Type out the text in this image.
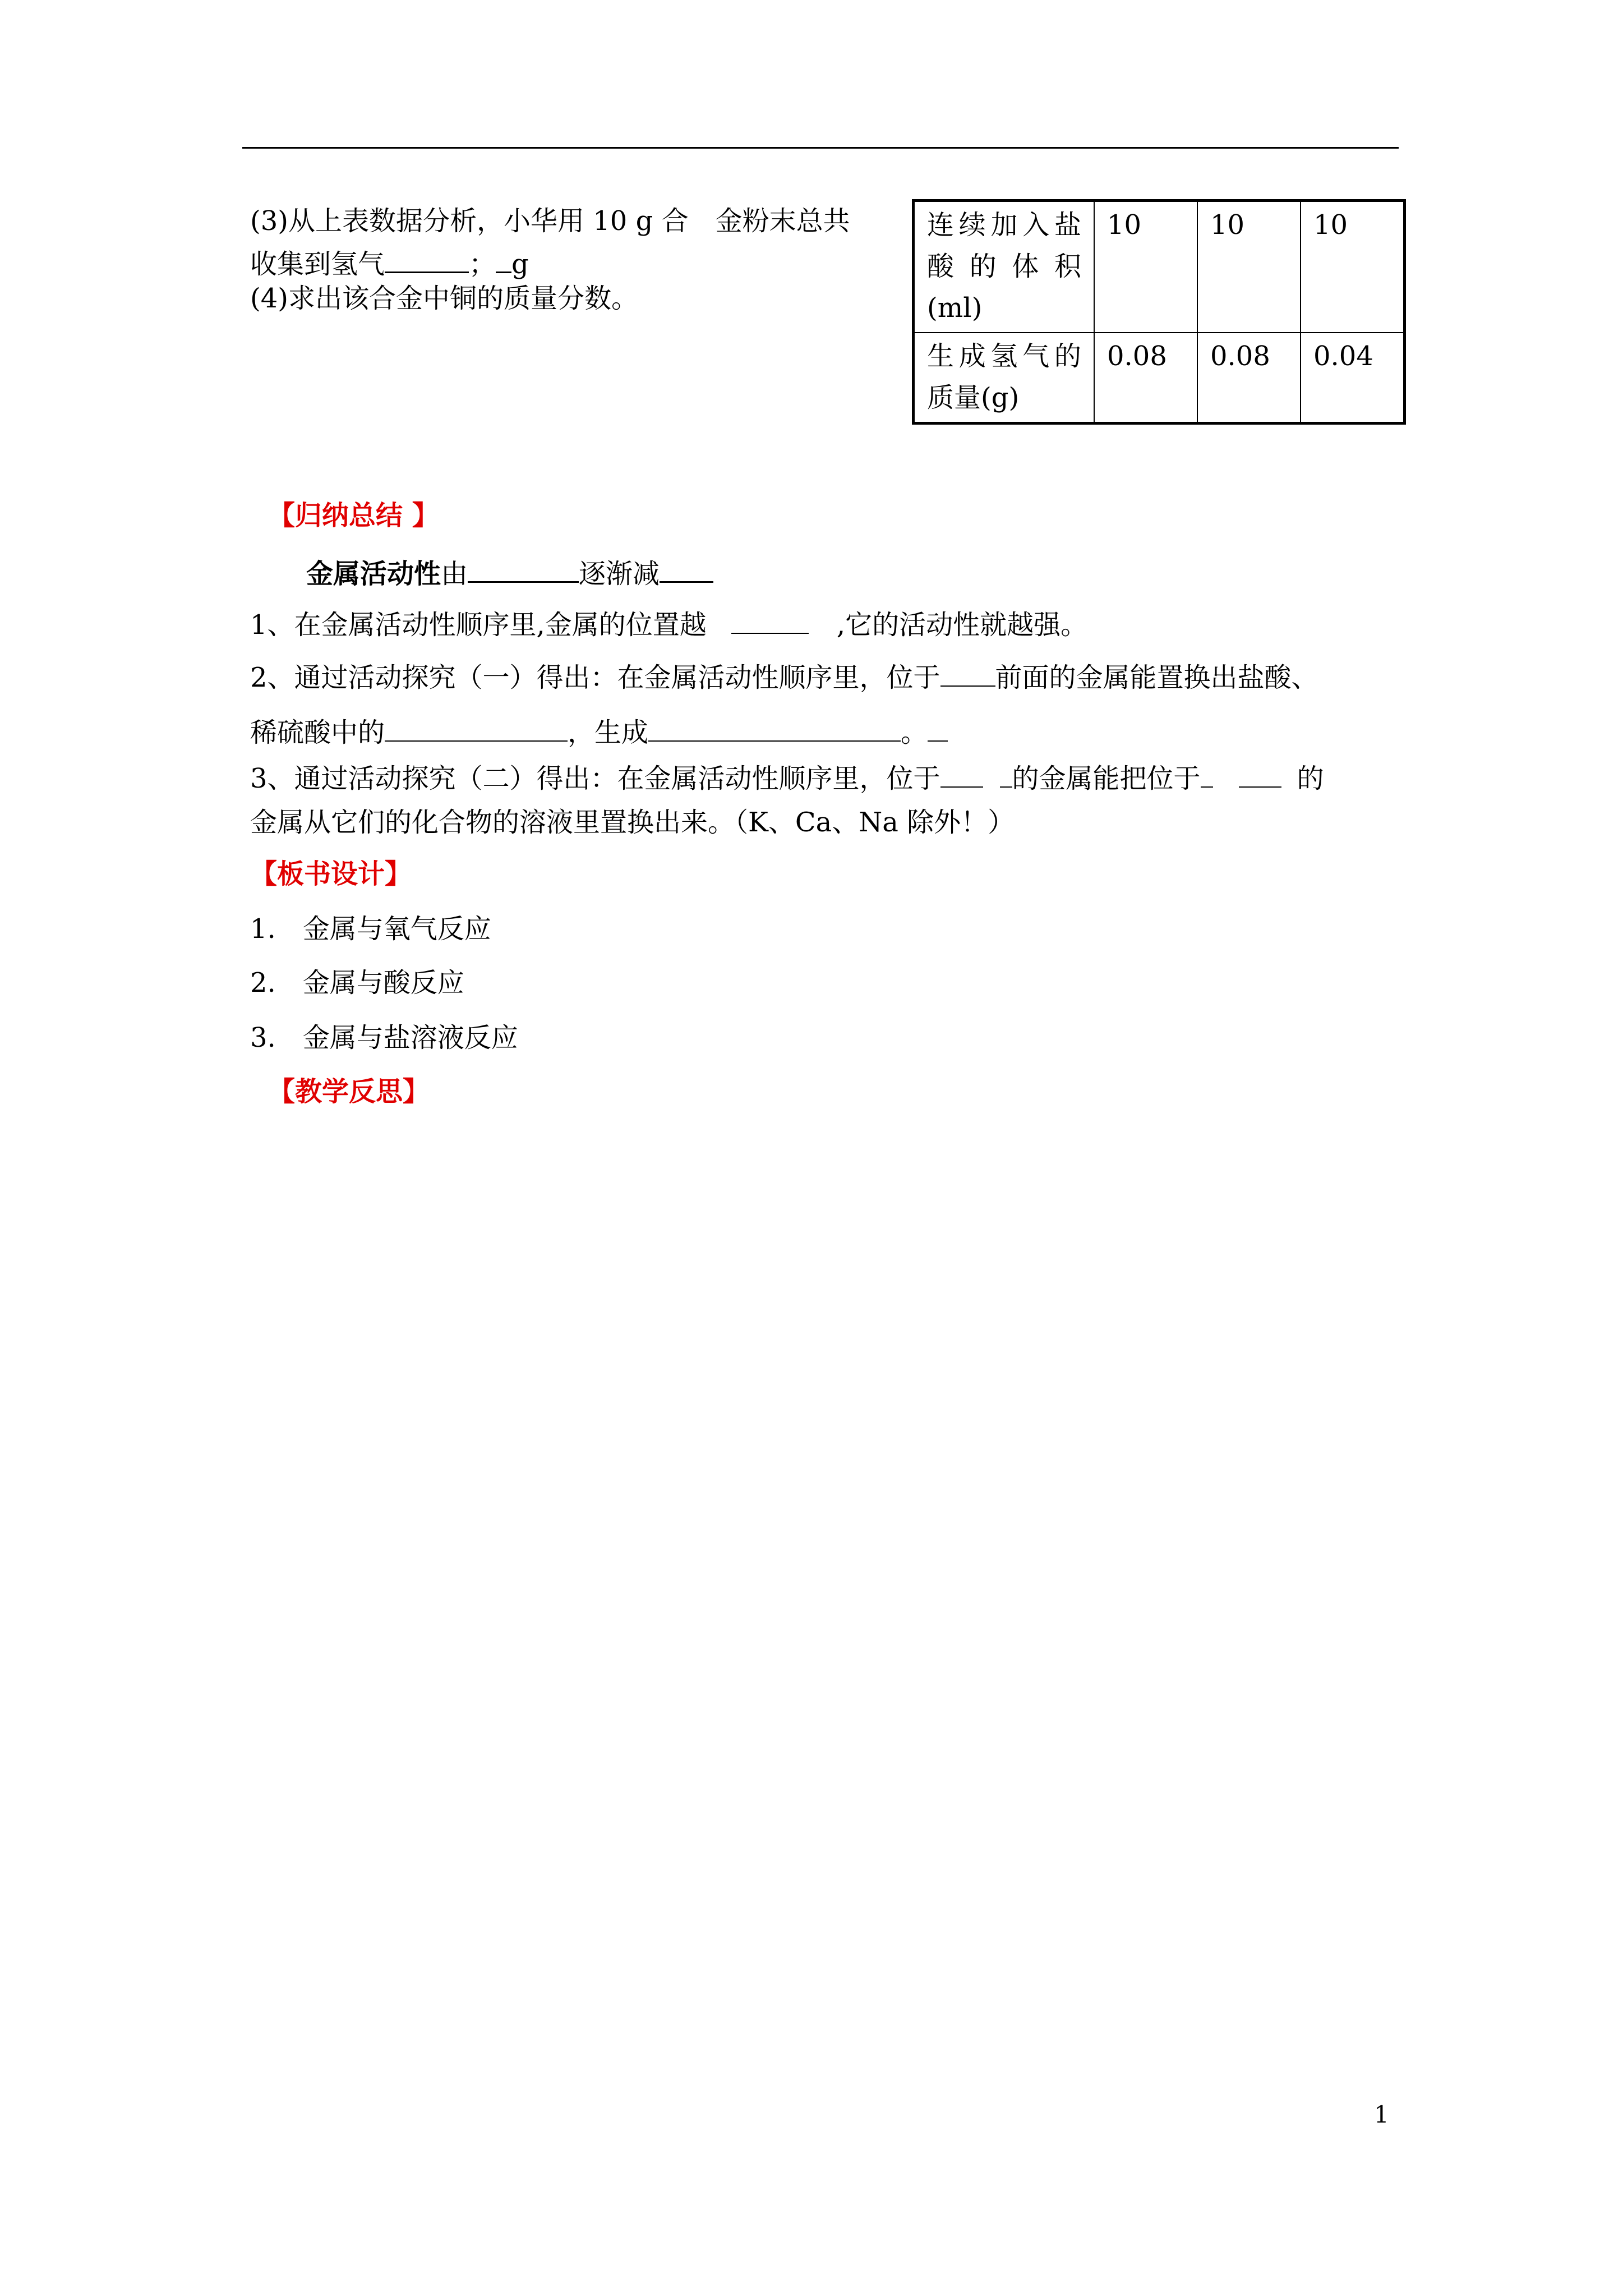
(3)从上表数据分析，小华用 10 g 合　金粉末总共
收集到氢气	； g
(4)求出该合金中铜的质量分数。
连续加入盐酸的体积(ml)	10	10	10
生成氢气的质量(g)	0.08	0.08	0.04
【归纳总结 】
金属活动性由	逐渐减
1、在金属活动性顺序里,金属的位置越	,它的活动性就越强。
2、通过活动探究（一）得出：在金属活动性顺序里，位于 前面的金属能置换出盐酸、
稀硫酸中的	，生成	。
3、通过活动探究（二）得出：在金属活动性顺序里，位于	的金属能把位于	的
金属从它们的化合物的溶液里置换出来。（K、Ca、Na 除外！）
【板书设计】
1.　金属与氧气反应
2.　金属与酸反应
3.　金属与盐溶液反应
【教学反思】
1
